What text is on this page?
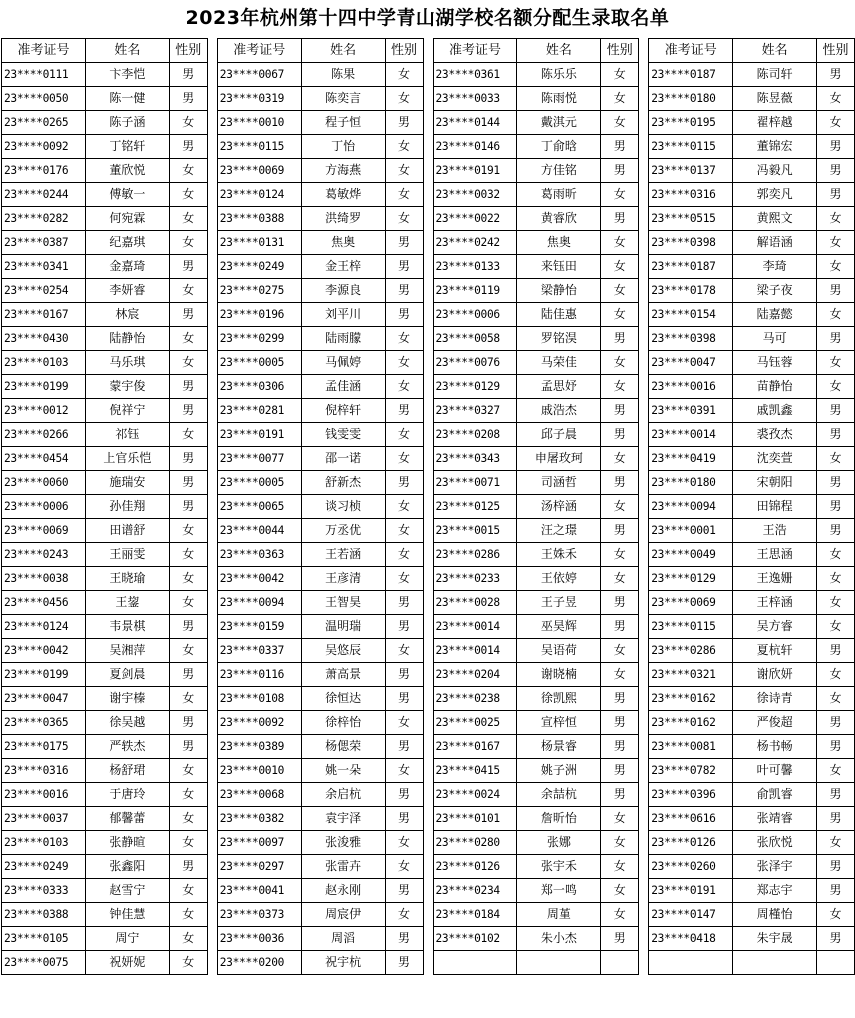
2023年杭州第十四中学青山湖学校名额分配生录取名单
准考证号	姓名	性别
23****0111	卞李恺	男
23****0050	陈一健	男
23****0265	陈子涵	女
23****0092	丁铭轩	男
23****0176	董欣悦	女
23****0244	傅敏一	女
23****0282	何宛霖	女
23****0387	纪嘉琪	女
23****0341	金嘉琦	男
23****0254	李妍睿	女
23****0167	林宸	男
23****0430	陆静怡	女
23****0103	马乐琪	女
23****0199	蒙宇俊	男
23****0012	倪祥宁	男
23****0266	祁钰	女
23****0454	上官乐恺	男
23****0060	施瑞安	男
23****0006	孙佳翔	男
23****0069	田谱舒	女
23****0243	王丽雯	女
23****0038	王晓瑜	女
23****0456	王鋆	女
23****0124	韦景棋	男
23****0042	吴湘萍	女
23****0199	夏剑晨	男
23****0047	谢宇榛	女
23****0365	徐吴越	男
23****0175	严轶杰	男
23****0316	杨舒珺	女
23****0016	于唐玲	女
23****0037	郁馨蕾	女
23****0103	张静暄	女
23****0249	张鑫阳	男
23****0333	赵雪宁	女
23****0388	钟佳慧	女
23****0105	周宁	女
23****0075	祝妍妮	女
准考证号	姓名	性别
23****0067	陈果	女
23****0319	陈奕言	女
23****0010	程子恒	男
23****0115	丁怡	女
23****0069	方海燕	女
23****0124	葛敏烨	女
23****0388	洪绮罗	女
23****0131	焦奥	男
23****0249	金王梓	男
23****0275	李源良	男
23****0196	刘平川	男
23****0299	陆雨朦	女
23****0005	马佩婷	女
23****0306	孟佳涵	女
23****0281	倪梓轩	男
23****0191	钱雯雯	女
23****0077	邵一诺	女
23****0005	舒新杰	男
23****0065	谈习桢	女
23****0044	万丞优	女
23****0363	王若涵	女
23****0042	王彦清	女
23****0094	王智昊	男
23****0159	温明瑞	男
23****0337	吴悠辰	女
23****0116	萧高景	男
23****0108	徐恒达	男
23****0092	徐梓怡	女
23****0389	杨偲荣	男
23****0010	姚一朵	女
23****0068	余启杭	男
23****0382	袁宇泽	男
23****0097	张浚雅	女
23****0297	张雷卉	女
23****0041	赵永刚	男
23****0373	周宸伊	女
23****0036	周滔	男
23****0200	祝宇杭	男
准考证号	姓名	性别
23****0361	陈乐乐	女
23****0033	陈雨悦	女
23****0144	戴淇元	女
23****0146	丁俞晗	男
23****0191	方佳铭	男
23****0032	葛雨昕	女
23****0022	黄睿欣	男
23****0242	焦奥	女
23****0133	来钰田	女
23****0119	梁静怡	女
23****0006	陆佳惠	女
23****0058	罗铭淏	男
23****0076	马荣佳	女
23****0129	孟思妤	女
23****0327	戚浩杰	男
23****0208	邱子晨	男
23****0343	申屠玫珂	女
23****0071	司涵哲	男
23****0125	汤梓涵	女
23****0015	汪之璟	男
23****0286	王姝禾	女
23****0233	王依婷	女
23****0028	王子昱	男
23****0014	巫昊辉	男
23****0014	吴语荷	女
23****0204	谢晓楠	女
23****0238	徐凯熙	男
23****0025	宣梓恒	男
23****0167	杨景睿	男
23****0415	姚子洲	男
23****0024	余喆杭	男
23****0101	詹昕怡	女
23****0280	张娜	女
23****0126	张宇禾	女
23****0234	郑一鸣	女
23****0184	周堇	女
23****0102	朱小杰	男

准考证号	姓名	性别
23****0187	陈司轩	男
23****0180	陈昱薇	女
23****0195	翟梓越	女
23****0115	董锦宏	男
23****0137	冯毅凡	男
23****0316	郭奕凡	男
23****0515	黄熙文	女
23****0398	解语涵	女
23****0187	李琦	女
23****0178	梁子夜	男
23****0154	陆嘉懿	女
23****0398	马可	男
23****0047	马钰蓉	女
23****0016	苗静怡	女
23****0391	戚凯鑫	男
23****0014	裘孜杰	男
23****0419	沈奕萱	女
23****0180	宋朝阳	男
23****0094	田锦程	男
23****0001	王浩	男
23****0049	王思涵	女
23****0129	王逸姗	女
23****0069	王梓涵	女
23****0115	吴方睿	女
23****0286	夏杭轩	男
23****0321	谢欣妍	女
23****0162	徐诗青	女
23****0162	严俊超	男
23****0081	杨书畅	男
23****0782	叶可馨	女
23****0396	俞凯睿	男
23****0616	张靖睿	男
23****0126	张欣悦	女
23****0260	张泽宇	男
23****0191	郑志宇	男
23****0147	周槿怡	女
23****0418	朱宇晟	男
